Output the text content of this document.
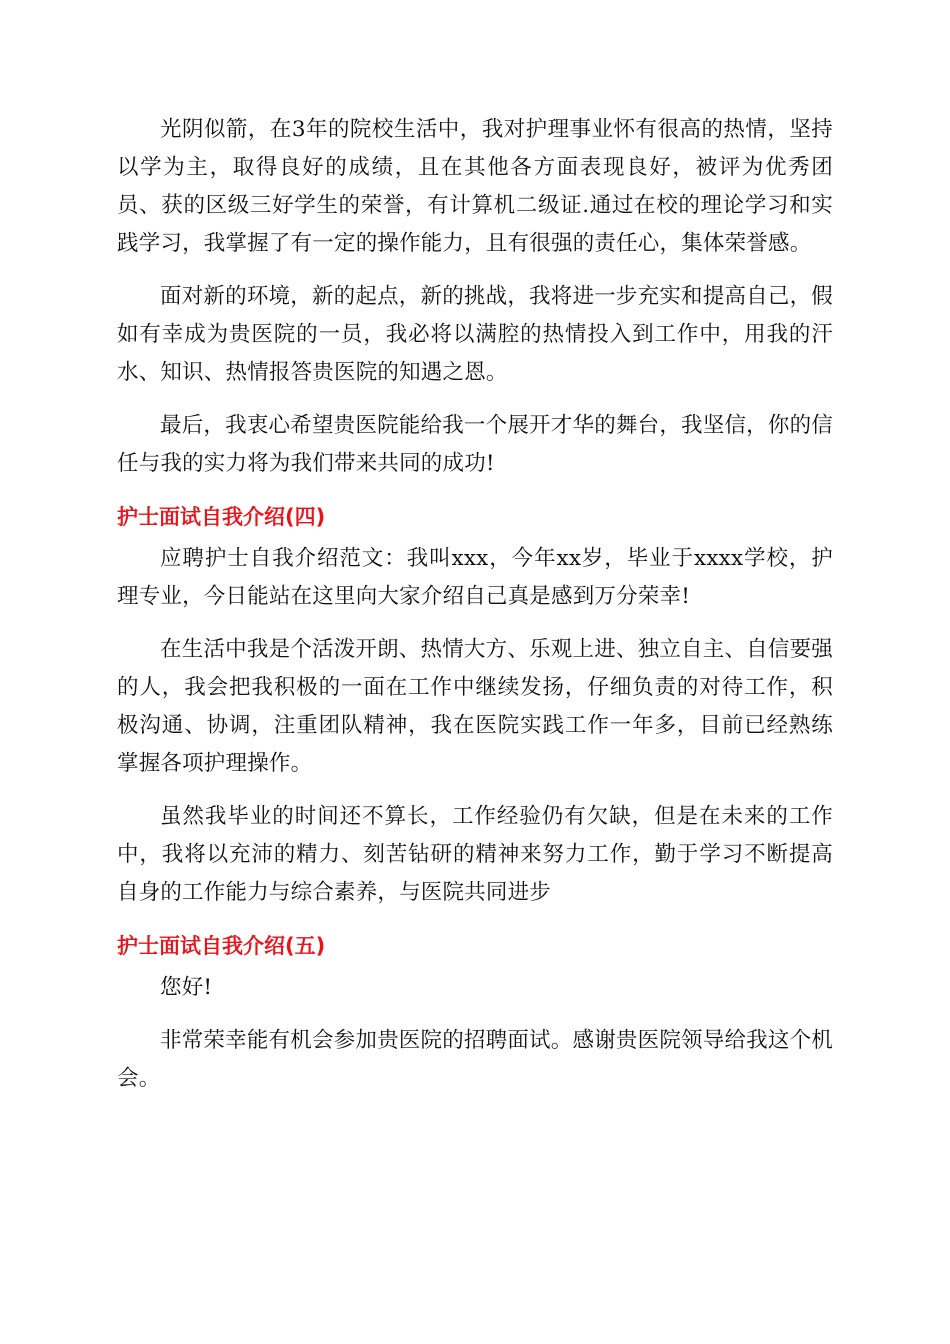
光阴似箭，在3年的院校生活中，我对护理事业怀有很高的热情，坚持以学为主，取得良好的成绩，且在其他各方面表现良好，被评为优秀团员、获的区级三好学生的荣誉，有计算机二级证.通过在校的理论学习和实践学习，我掌握了有一定的操作能力，且有很强的责任心，集体荣誉感。

面对新的环境，新的起点，新的挑战，我将进一步充实和提高自己，假如有幸成为贵医院的一员，我必将以满腔的热情投入到工作中，用我的汗水、知识、热情报答贵医院的知遇之恩。

最后，我衷心希望贵医院能给我一个展开才华的舞台，我坚信，你的信任与我的实力将为我们带来共同的成功!

护士面试自我介绍(四)

应聘护士自我介绍范文：我叫xxx，今年xx岁，毕业于xxxx学校，护理专业，今日能站在这里向大家介绍自己真是感到万分荣幸!

在生活中我是个活泼开朗、热情大方、乐观上进、独立自主、自信要强的人，我会把我积极的一面在工作中继续发扬，仔细负责的对待工作，积极沟通、协调，注重团队精神，我在医院实践工作一年多，目前已经熟练掌握各项护理操作。

虽然我毕业的时间还不算长，工作经验仍有欠缺，但是在未来的工作中，我将以充沛的精力、刻苦钻研的精神来努力工作，勤于学习不断提高自身的工作能力与综合素养，与医院共同进步

护士面试自我介绍(五)

您好!

非常荣幸能有机会参加贵医院的招聘面试。感谢贵医院领导给我这个机会。
